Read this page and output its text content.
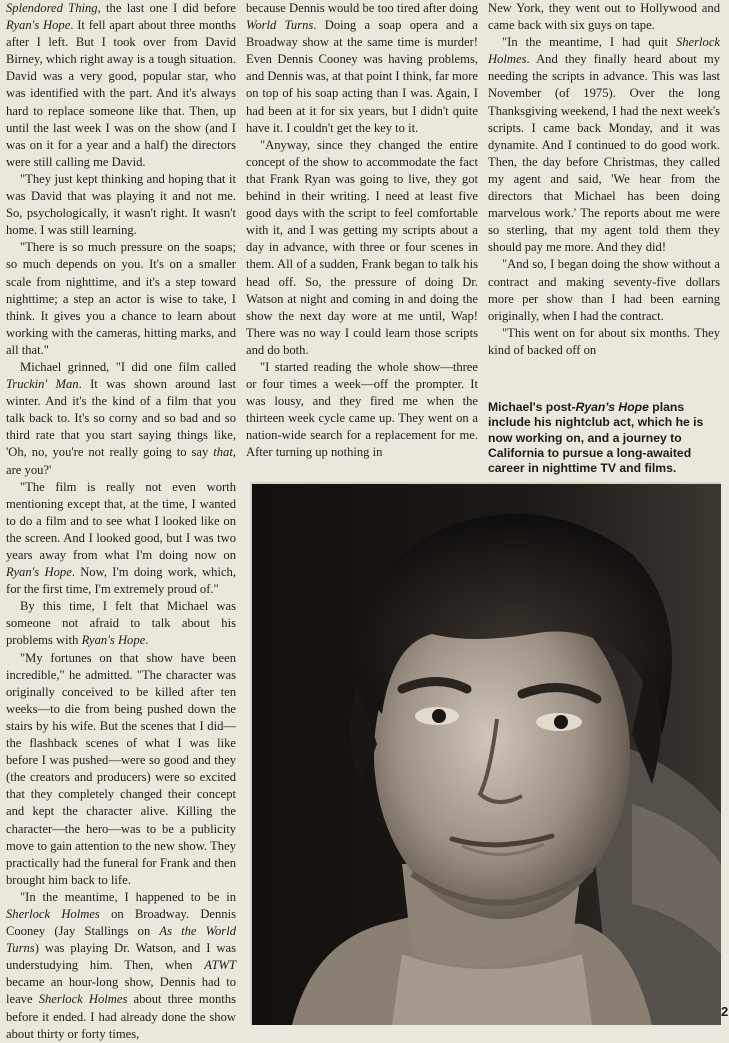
Splendored Thing, the last one I did before Ryan's Hope. It fell apart about three months after I left. But I took over from David Birney, which right away is a tough situation. David was a very good, popular star, who was identified with the part. And it's always hard to replace someone like that. Then, up until the last week I was on the show (and I was on it for a year and a half) the directors were still calling me David.

"They just kept thinking and hoping that it was David that was playing it and not me. So, psychologically, it wasn't right. It wasn't home. I was still learning.

"There is so much pressure on the soaps; so much depends on you. It's on a smaller scale from nighttime, and it's a step toward nighttime; a step an actor is wise to take, I think. It gives you a chance to learn about working with the cameras, hitting marks, and all that."

Michael grinned, "I did one film called Truckin' Man. It was shown around last winter. And it's the kind of a film that you talk back to. It's so corny and so bad and so third rate that you start saying things like, 'Oh, no, you're not really going to say that, are you?'

"The film is really not even worth mentioning except that, at the time, I wanted to do a film and to see what I looked like on the screen. And I looked good, but I was two years away from what I'm doing now on Ryan's Hope. Now, I'm doing work, which, for the first time, I'm extremely proud of."

By this time, I felt that Michael was someone not afraid to talk about his problems with Ryan's Hope.

"My fortunes on that show have been incredible," he admitted. "The character was originally conceived to be killed after ten weeks—to die from being pushed down the stairs by his wife. But the scenes that I did—the flashback scenes of what I was like before I was pushed—were so good and they (the creators and producers) were so excited that they completely changed their concept and kept the character alive. Killing the character—the hero—was to be a publicity move to gain attention to the new show. They practically had the funeral for Frank and then brought him back to life.

"In the meantime, I happened to be in Sherlock Holmes on Broadway. Dennis Cooney (Jay Stallings on As the World Turns) was playing Dr. Watson, and I was understudying him. Then, when ATWT became an hour-long show, Dennis had to leave Sherlock Holmes about three months before it ended. I had already done the show about thirty or forty times,

because Dennis would be too tired after doing World Turns. Doing a soap opera and a Broadway show at the same time is murder! Even Dennis Cooney was having problems, and Dennis was, at that point I think, far more on top of his soap acting than I was. Again, I had been at it for six years, but I didn't quite have it. I couldn't get the key to it.

"Anyway, since they changed the entire concept of the show to accommodate the fact that Frank Ryan was going to live, they got behind in their writing. I need at least five good days with the script to feel comfortable with it, and I was getting my scripts about a day in advance, with three or four scenes in them. All of a sudden, Frank began to talk his head off. So, the pressure of doing Dr. Watson at night and coming in and doing the show the next day wore at me until, Wap! There was no way I could learn those scripts and do both.

"I started reading the whole show—three or four times a week—off the prompter. It was lousy, and they fired me when the thirteen week cycle came up. They went on a nation-wide search for a replacement for me. After turning up nothing in

New York, they went out to Hollywood and came back with six guys on tape.

"In the meantime, I had quit Sherlock Holmes. And they finally heard about my needing the scripts in advance. This was last November (of 1975). Over the long Thanksgiving weekend, I had the next week's scripts. I came back Monday, and it was dynamite. And I continued to do good work. Then, the day before Christmas, they called my agent and said, 'We hear from the directors that Michael has been doing marvelous work.' The reports about me were so sterling, that my agent told them they should pay me more. And they did!

"And so, I began doing the show without a contract and making seventy-five dollars more per show than I had been earning originally, when I had the contract.

"This went on for about six months. They kind of backed off on

Michael's post-Ryan's Hope plans include his nightclub act, which he is now working on, and a journey to California to pursue a long-awaited career in nighttime TV and films.
2
